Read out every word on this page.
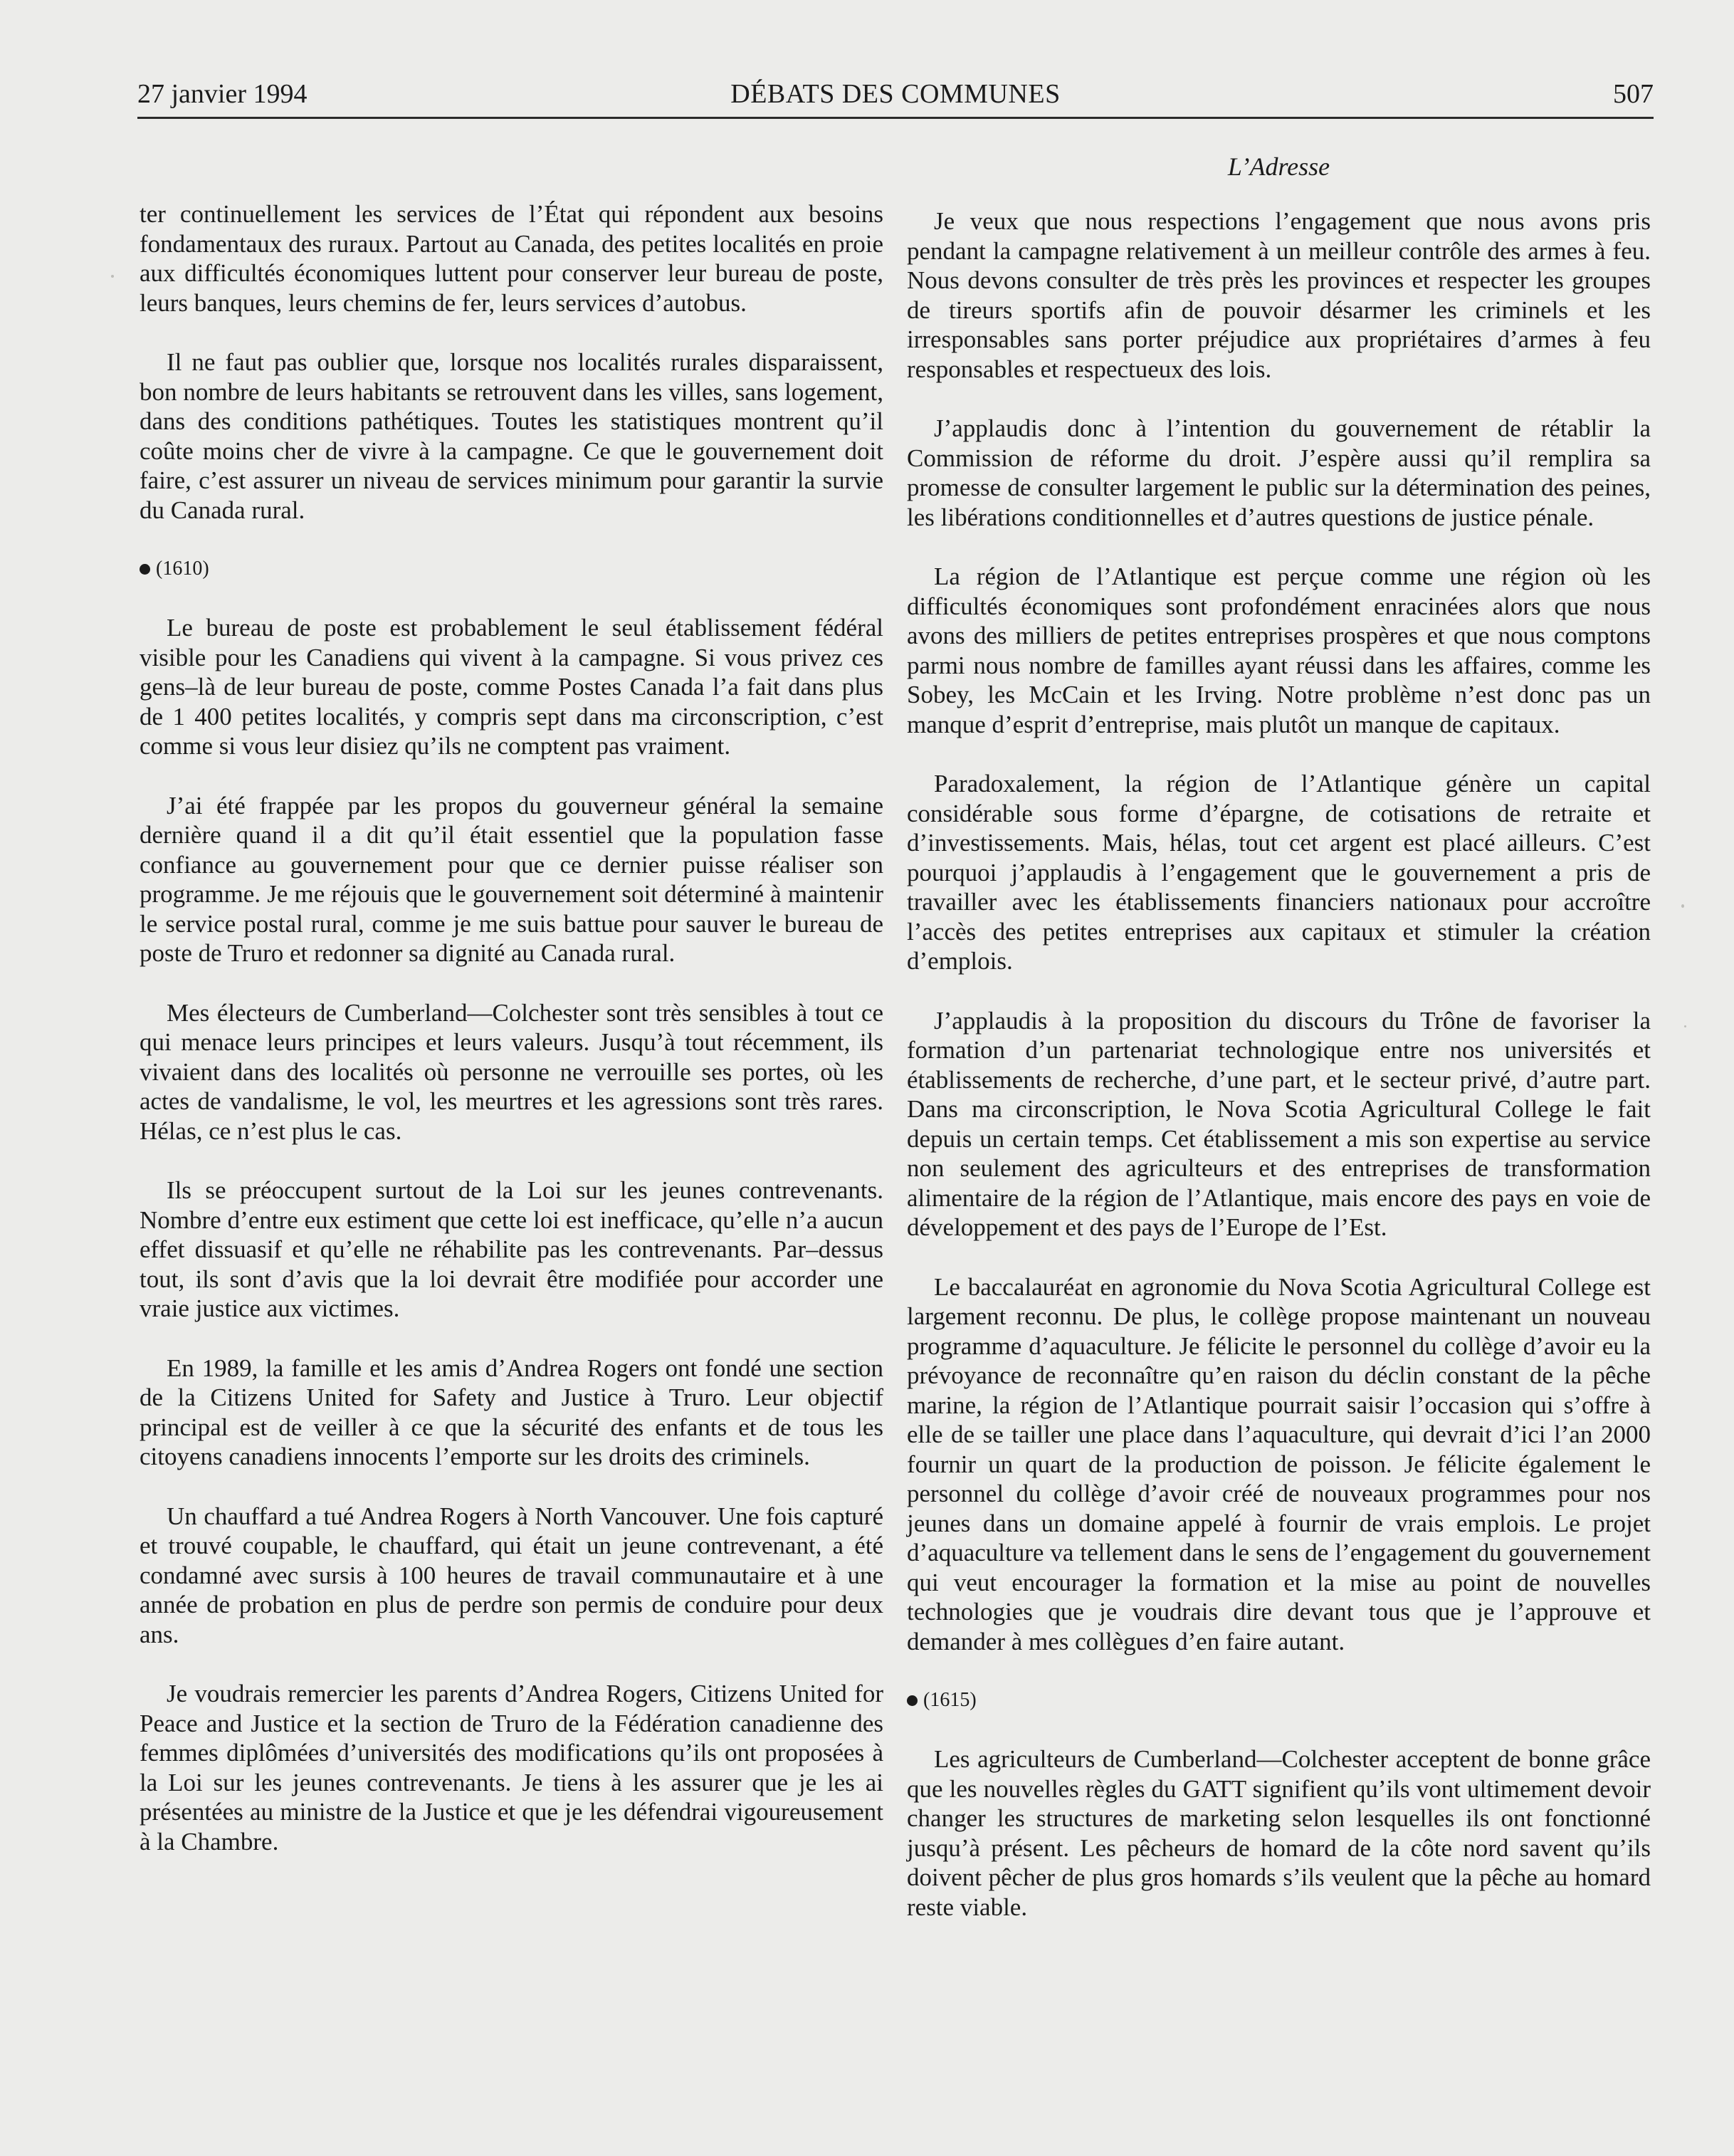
27 janvier 1994	DÉBATS DES COMMUNES	507
L’Adresse

ter continuellement les services de l’État qui répondent aux besoins fondamentaux des ruraux. Partout au Canada, des petites localités en proie aux difficultés économiques luttent pour conserver leur bureau de poste, leurs banques, leurs chemins de fer, leurs services d’autobus.

Il ne faut pas oublier que, lorsque nos localités rurales disparaissent, bon nombre de leurs habitants se retrouvent dans les villes, sans logement, dans des conditions pathétiques. Toutes les statistiques montrent qu’il coûte moins cher de vivre à la campagne. Ce que le gouvernement doit faire, c’est assurer un niveau de services minimum pour garantir la survie du Canada rural.

(1610)

Le bureau de poste est probablement le seul établissement fédéral visible pour les Canadiens qui vivent à la campagne. Si vous privez ces gens–là de leur bureau de poste, comme Postes Canada l’a fait dans plus de 1 400 petites localités, y compris sept dans ma circonscription, c’est comme si vous leur disiez qu’ils ne comptent pas vraiment.

J’ai été frappée par les propos du gouverneur général la semaine dernière quand il a dit qu’il était essentiel que la population fasse confiance au gouvernement pour que ce dernier puisse réaliser son programme. Je me réjouis que le gouvernement soit déterminé à maintenir le service postal rural, comme je me suis battue pour sauver le bureau de poste de Truro et redonner sa dignité au Canada rural.

Mes électeurs de Cumberland—Colchester sont très sensibles à tout ce qui menace leurs principes et leurs valeurs. Jusqu’à tout récemment, ils vivaient dans des localités où personne ne verrouille ses portes, où les actes de vandalisme, le vol, les meurtres et les agressions sont très rares. Hélas, ce n’est plus le cas.

Ils se préoccupent surtout de la Loi sur les jeunes contrevenants. Nombre d’entre eux estiment que cette loi est inefficace, qu’elle n’a aucun effet dissuasif et qu’elle ne réhabilite pas les contrevenants. Par–dessus tout, ils sont d’avis que la loi devrait être modifiée pour accorder une vraie justice aux victimes.

En 1989, la famille et les amis d’Andrea Rogers ont fondé une section de la Citizens United for Safety and Justice à Truro. Leur objectif principal est de veiller à ce que la sécurité des enfants et de tous les citoyens canadiens innocents l’emporte sur les droits des criminels.

Un chauffard a tué Andrea Rogers à North Vancouver. Une fois capturé et trouvé coupable, le chauffard, qui était un jeune contrevenant, a été condamné avec sursis à 100 heures de travail communautaire et à une année de probation en plus de perdre son permis de conduire pour deux ans.

Je voudrais remercier les parents d’Andrea Rogers, Citizens United for Peace and Justice et la section de Truro de la Fédération canadienne des femmes diplômées d’universités des modifications qu’ils ont proposées à la Loi sur les jeunes contrevenants. Je tiens à les assurer que je les ai présentées au ministre de la Justice et que je les défendrai vigoureusement à la Chambre.

Je veux que nous respections l’engagement que nous avons pris pendant la campagne relativement à un meilleur contrôle des armes à feu. Nous devons consulter de très près les provinces et respecter les groupes de tireurs sportifs afin de pouvoir désarmer les criminels et les irresponsables sans porter préjudice aux propriétaires d’armes à feu responsables et respectueux des lois.

J’applaudis donc à l’intention du gouvernement de rétablir la Commission de réforme du droit. J’espère aussi qu’il remplira sa promesse de consulter largement le public sur la détermination des peines, les libérations conditionnelles et d’autres questions de justice pénale.

La région de l’Atlantique est perçue comme une région où les difficultés économiques sont profondément enracinées alors que nous avons des milliers de petites entreprises prospères et que nous comptons parmi nous nombre de familles ayant réussi dans les affaires, comme les Sobey, les McCain et les Irving. Notre problème n’est donc pas un manque d’esprit d’entreprise, mais plutôt un manque de capitaux.

Paradoxalement, la région de l’Atlantique génère un capital considérable sous forme d’épargne, de cotisations de retraite et d’investissements. Mais, hélas, tout cet argent est placé ailleurs. C’est pourquoi j’applaudis à l’engagement que le gouvernement a pris de travailler avec les établissements financiers nationaux pour accroître l’accès des petites entreprises aux capitaux et stimuler la création d’emplois.

J’applaudis à la proposition du discours du Trône de favoriser la formation d’un partenariat technologique entre nos universités et établissements de recherche, d’une part, et le secteur privé, d’autre part. Dans ma circonscription, le Nova Scotia Agricultural College le fait depuis un certain temps. Cet établissement a mis son expertise au service non seulement des agriculteurs et des entreprises de transformation alimentaire de la région de l’Atlantique, mais encore des pays en voie de développement et des pays de l’Europe de l’Est.

Le baccalauréat en agronomie du Nova Scotia Agricultural College est largement reconnu. De plus, le collège propose maintenant un nouveau programme d’aquaculture. Je félicite le personnel du collège d’avoir eu la prévoyance de reconnaître qu’en raison du déclin constant de la pêche marine, la région de l’Atlantique pourrait saisir l’occasion qui s’offre à elle de se tailler une place dans l’aquaculture, qui devrait d’ici l’an 2000 fournir un quart de la production de poisson. Je félicite également le personnel du collège d’avoir créé de nouveaux programmes pour nos jeunes dans un domaine appelé à fournir de vrais emplois. Le projet d’aquaculture va tellement dans le sens de l’engagement du gouvernement qui veut encourager la formation et la mise au point de nouvelles technologies que je voudrais dire devant tous que je l’approuve et demander à mes collègues d’en faire autant.

(1615)

Les agriculteurs de Cumberland—Colchester acceptent de bonne grâce que les nouvelles règles du GATT signifient qu’ils vont ultimement devoir changer les structures de marketing selon lesquelles ils ont fonctionné jusqu’à présent. Les pêcheurs de homard de la côte nord savent qu’ils doivent pêcher de plus gros homards s’ils veulent que la pêche au homard reste viable.
